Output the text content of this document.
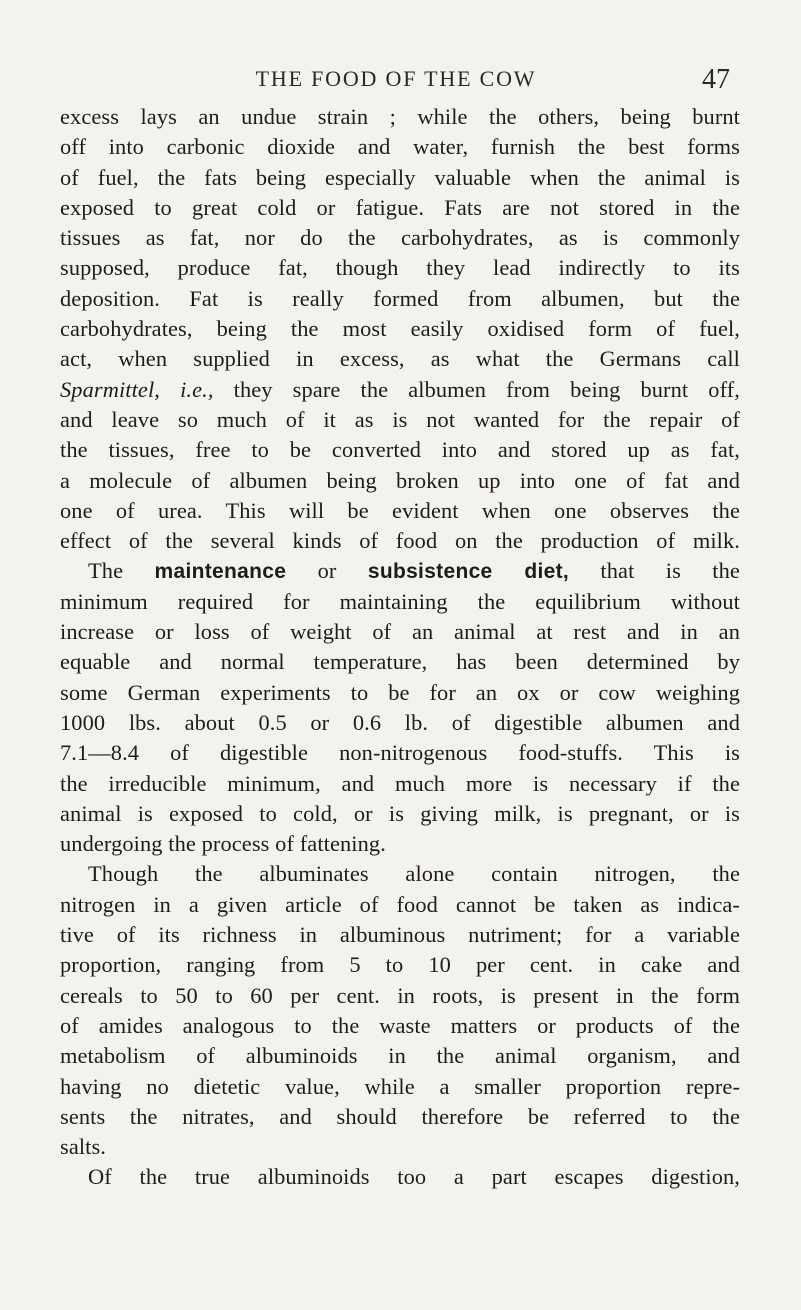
THE FOOD OF THE COW	47
excess lays an undue strain ; while the others, being burnt
off into carbonic dioxide and water, furnish the best forms
of fuel, the fats being especially valuable when the animal is
exposed to great cold or fatigue. Fats are not stored in the
tissues as fat, nor do the carbohydrates, as is commonly
supposed, produce fat, though they lead indirectly to its
deposition. Fat is really formed from albumen, but the
carbohydrates, being the most easily oxidised form of fuel,
act, when supplied in excess, as what the Germans call
Sparmittel, i.e., they spare the albumen from being burnt off,
and leave so much of it as is not wanted for the repair of
the tissues, free to be converted into and stored up as fat,
a molecule of albumen being broken up into one of fat and
one of urea. This will be evident when one observes the
effect of the several kinds of food on the production of milk.
The maintenance or subsistence diet, that is the
minimum required for maintaining the equilibrium without
increase or loss of weight of an animal at rest and in an
equable and normal temperature, has been determined by
some German experiments to be for an ox or cow weighing
1000 lbs. about 0.5 or 0.6 lb. of digestible albumen and
7.1—8.4 of digestible non-nitrogenous food-stuffs. This is
the irreducible minimum, and much more is necessary if the
animal is exposed to cold, or is giving milk, is pregnant, or is
undergoing the process of fattening.
Though the albuminates alone contain nitrogen, the
nitrogen in a given article of food cannot be taken as indica-
tive of its richness in albuminous nutriment; for a variable
proportion, ranging from 5 to 10 per cent. in cake and
cereals to 50 to 60 per cent. in roots, is present in the form
of amides analogous to the waste matters or products of the
metabolism of albuminoids in the animal organism, and
having no dietetic value, while a smaller proportion repre-
sents the nitrates, and should therefore be referred to the
salts.
Of the true albuminoids too a part escapes digestion,
